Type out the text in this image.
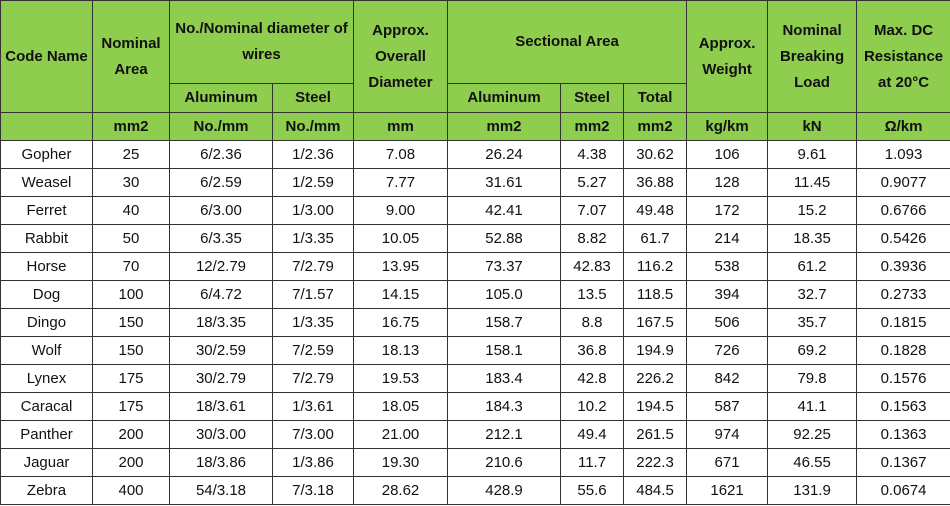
Code Name	Nominal Area	No./Nominal diameter of wires		Approx. Overall Diameter	Sectional Area			Approx. Weight	Nominal Breaking Load	Max. DC Resistance at 20°C
		Aluminum	Steel		Aluminum	Steel	Total			
	mm2	No./mm	No./mm	mm	mm2	mm2	mm2	kg/km	kN	Ω/km
Gopher	25	6/2.36	1/2.36	7.08	26.24	4.38	30.62	106	9.61	1.093
Weasel	30	6/2.59	1/2.59	7.77	31.61	5.27	36.88	128	11.45	0.9077
Ferret	40	6/3.00	1/3.00	9.00	42.41	7.07	49.48	172	15.2	0.6766
Rabbit	50	6/3.35	1/3.35	10.05	52.88	8.82	61.7	214	18.35	0.5426
Horse	70	12/2.79	7/2.79	13.95	73.37	42.83	116.2	538	61.2	0.3936
Dog	100	6/4.72	7/1.57	14.15	105.0	13.5	118.5	394	32.7	0.2733
Dingo	150	18/3.35	1/3.35	16.75	158.7	8.8	167.5	506	35.7	0.1815
Wolf	150	30/2.59	7/2.59	18.13	158.1	36.8	194.9	726	69.2	0.1828
Lynex	175	30/2.79	7/2.79	19.53	183.4	42.8	226.2	842	79.8	0.1576
Caracal	175	18/3.61	1/3.61	18.05	184.3	10.2	194.5	587	41.1	0.1563
Panther	200	30/3.00	7/3.00	21.00	212.1	49.4	261.5	974	92.25	0.1363
Jaguar	200	18/3.86	1/3.86	19.30	210.6	11.7	222.3	671	46.55	0.1367
Zebra	400	54/3.18	7/3.18	28.62	428.9	55.6	484.5	1621	131.9	0.0674
